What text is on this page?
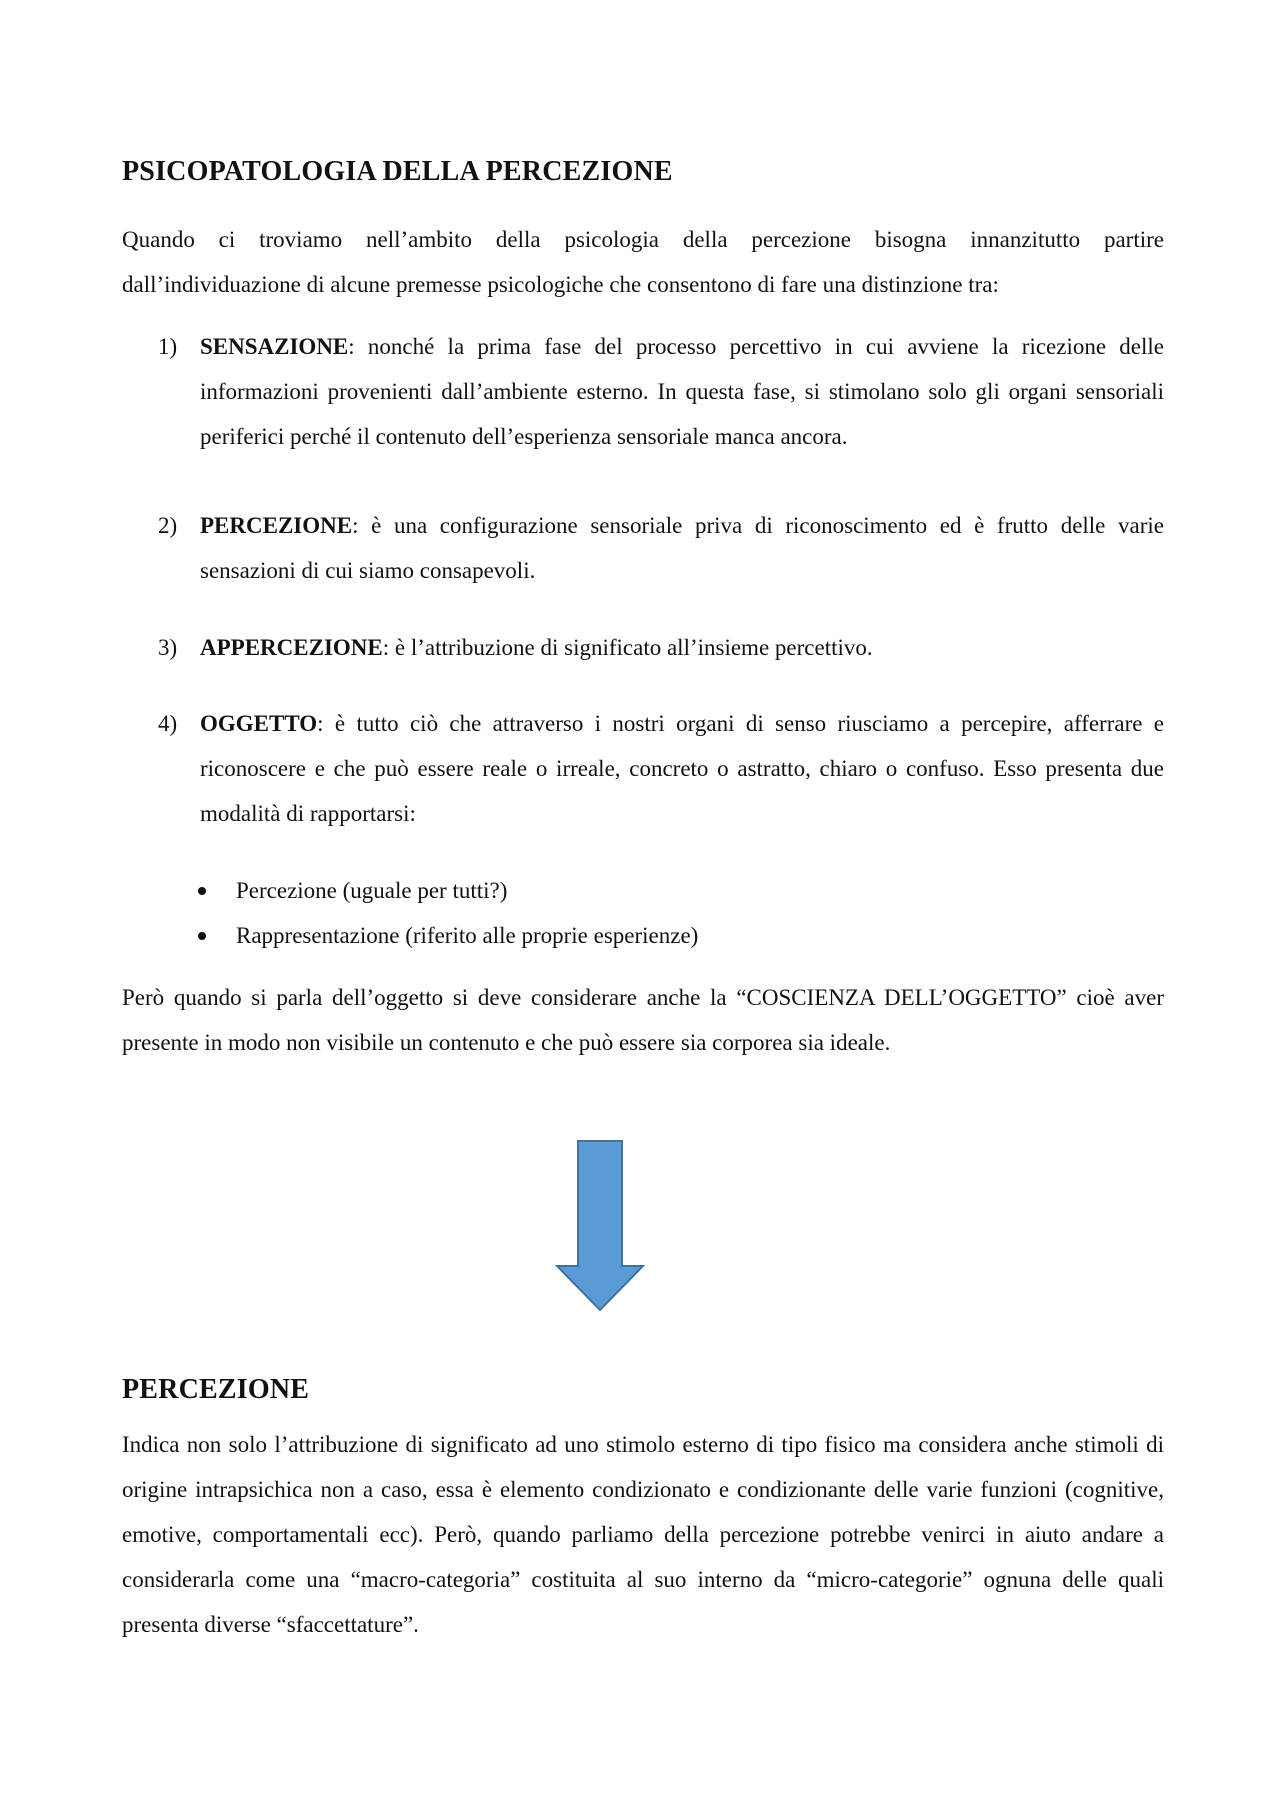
PSICOPATOLOGIA DELLA PERCEZIONE

Quando ci troviamo nell’ambito della psicologia della percezione bisogna innanzitutto partire dall’individuazione di alcune premesse psicologiche che consentono di fare una distinzione tra:

1) SENSAZIONE: nonché la prima fase del processo percettivo in cui avviene la ricezione delle informazioni provenienti dall’ambiente esterno. In questa fase, si stimolano solo gli organi sensoriali periferici perché il contenuto dell’esperienza sensoriale manca ancora.
2) PERCEZIONE: è una configurazione sensoriale priva di riconoscimento ed è frutto delle varie sensazioni di cui siamo consapevoli.
3) APPERCEZIONE: è l’attribuzione di significato all’insieme percettivo.
4) OGGETTO: è tutto ciò che attraverso i nostri organi di senso riusciamo a percepire, afferrare e riconoscere e che può essere reale o irreale, concreto o astratto, chiaro o confuso. Esso presenta due modalità di rapportarsi:
Percezione (uguale per tutti?)
Rappresentazione (riferito alle proprie esperienze)

Però quando si parla dell’oggetto si deve considerare anche la “COSCIENZA DELL’OGGETTO” cioè aver presente in modo non visibile un contenuto e che può essere sia corporea sia ideale.

PERCEZIONE

Indica non solo l’attribuzione di significato ad uno stimolo esterno di tipo fisico ma considera anche stimoli di origine intrapsichica non a caso, essa è elemento condizionato e condizionante delle varie funzioni (cognitive, emotive, comportamentali ecc). Però, quando parliamo della percezione potrebbe venirci in aiuto andare a considerarla come una “macro-categoria” costituita al suo interno da “micro-categorie” ognuna delle quali presenta diverse “sfaccettature”.
